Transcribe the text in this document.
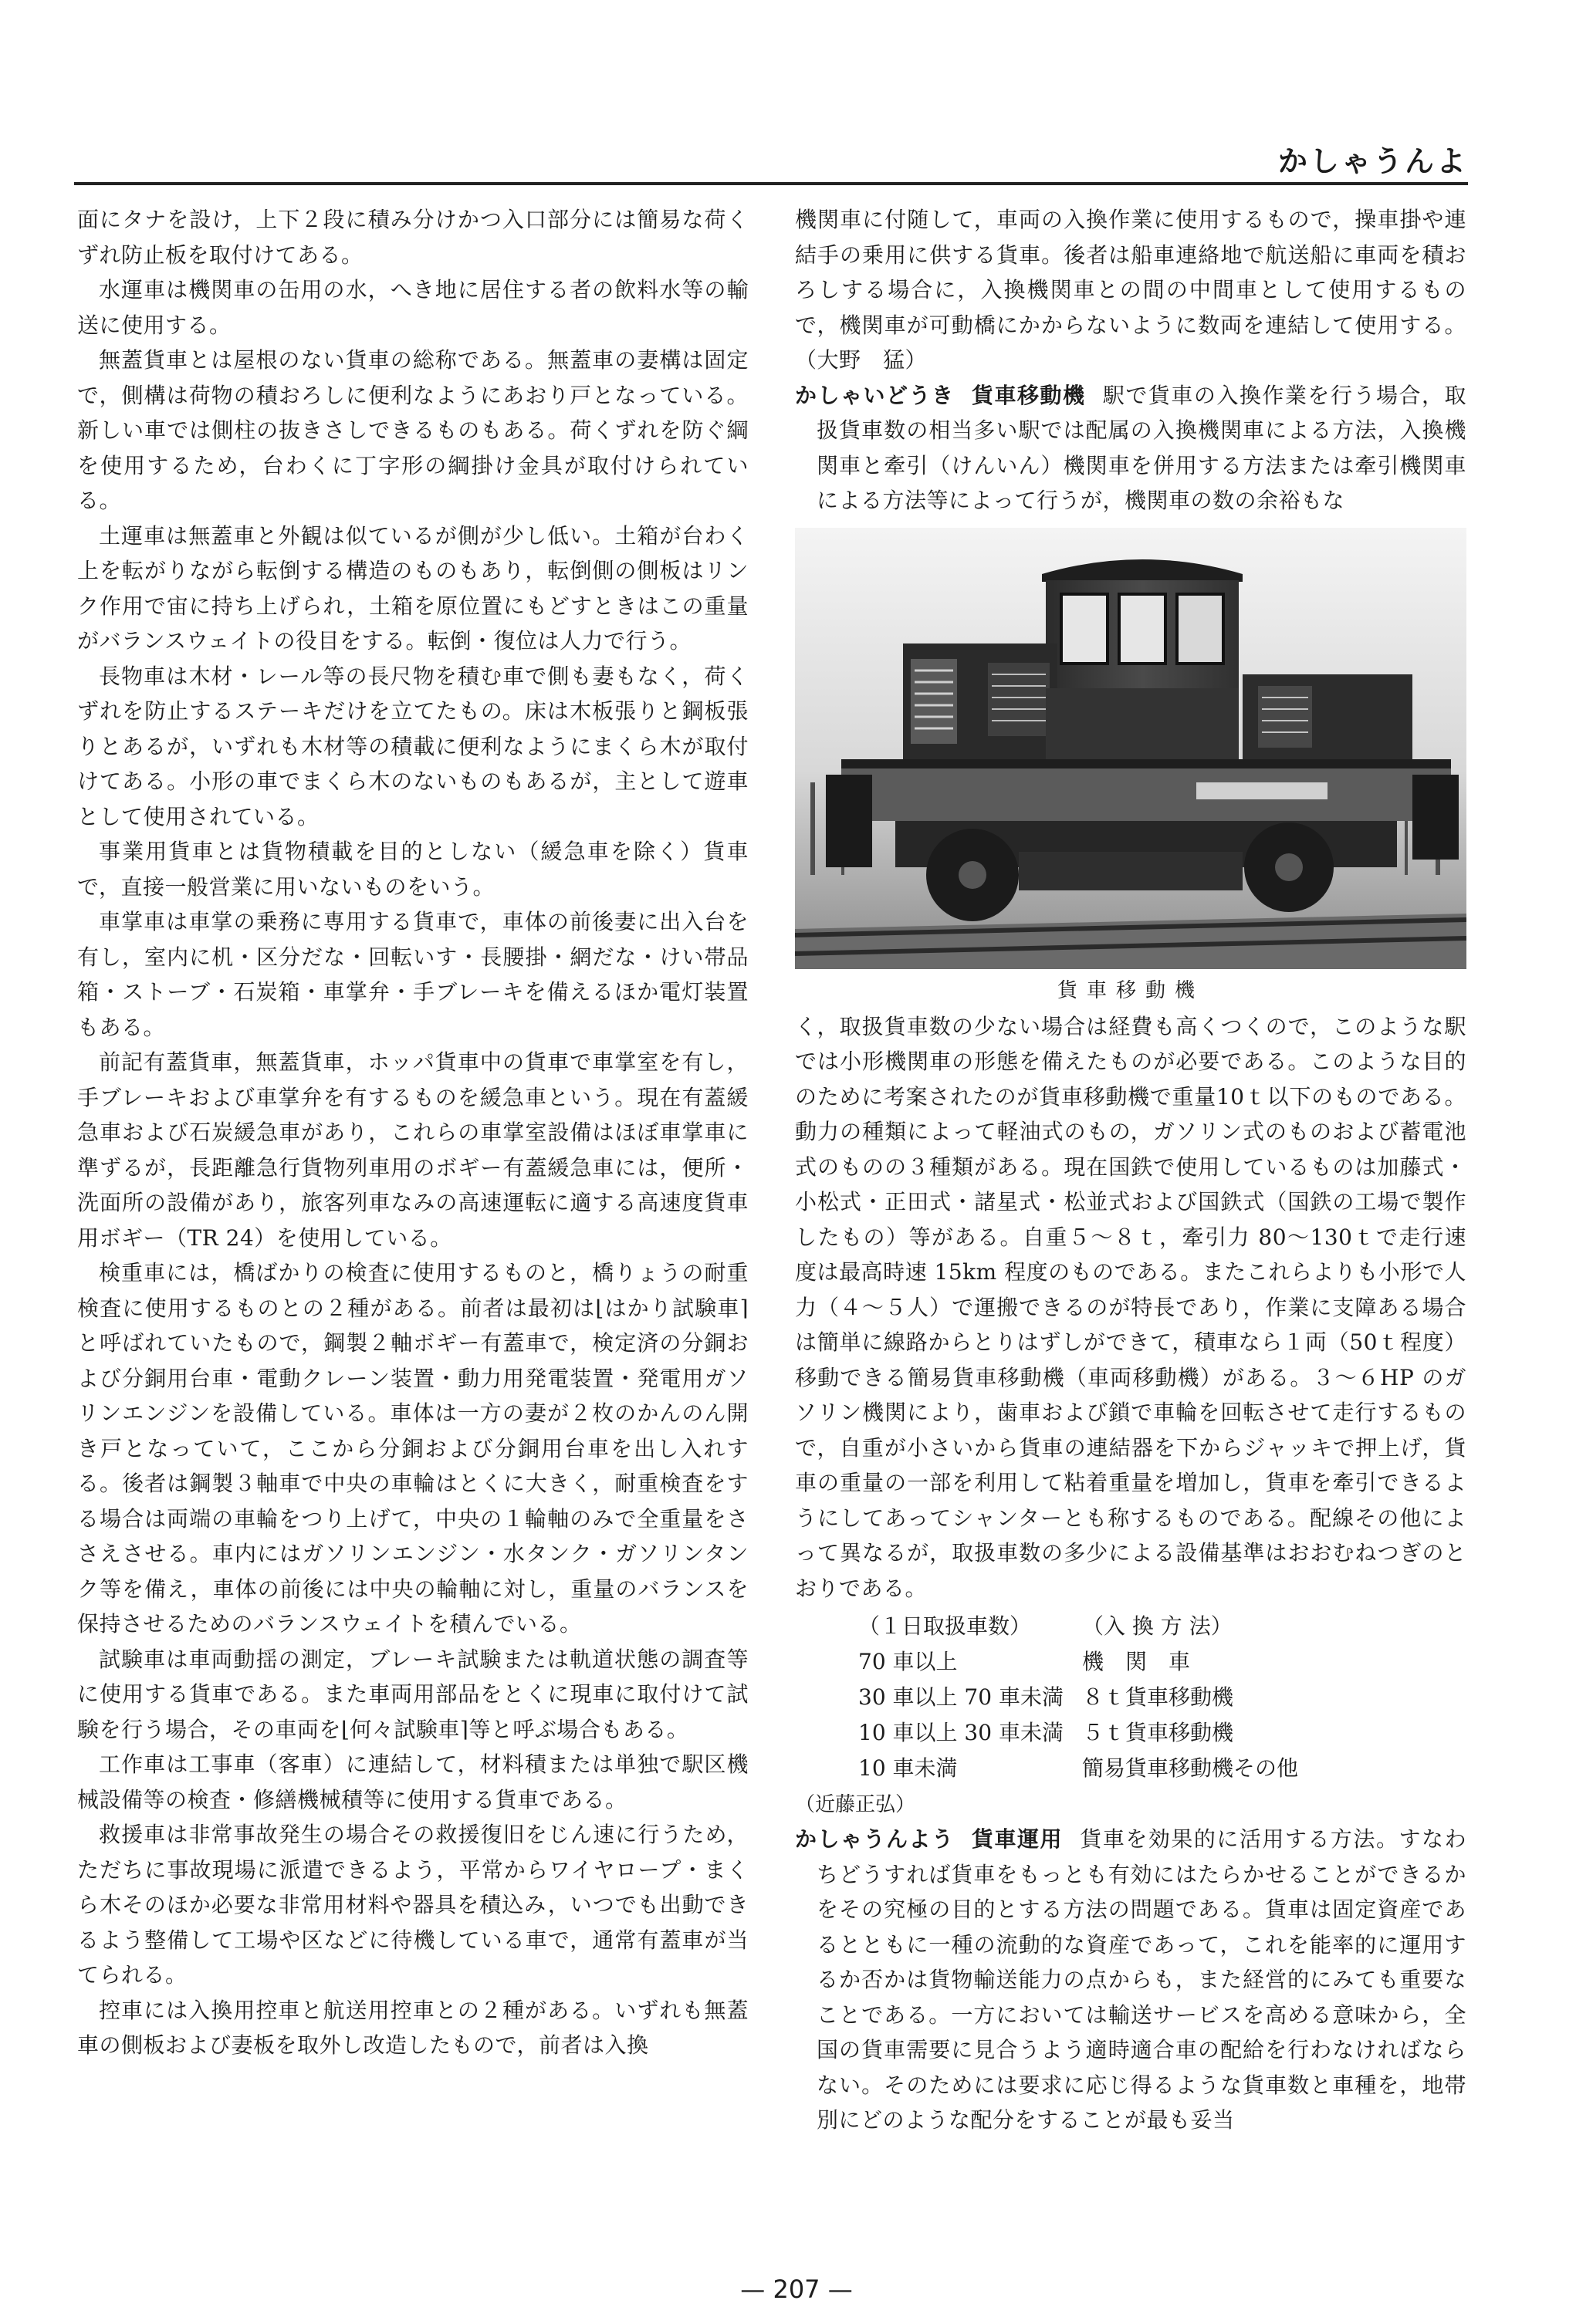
かしゃうんよ

面にタナを設け，上下２段に積み分けかつ入口部分には簡易な荷くずれ防止板を取付けてある。

水運車は機関車の缶用の水，へき地に居住する者の飲料水等の輸送に使用する。

無蓋貨車とは屋根のない貨車の総称である。無蓋車の妻構は固定で，側構は荷物の積おろしに便利なようにあおり戸となっている。新しい車では側柱の抜きさしできるものもある。荷くずれを防ぐ綱を使用するため，台わくに丁字形の綱掛け金具が取付けられている。

土運車は無蓋車と外観は似ているが側が少し低い。土箱が台わく上を転がりながら転倒する構造のものもあり，転倒側の側板はリンク作用で宙に持ち上げられ，土箱を原位置にもどすときはこの重量がバランスウェイトの役目をする。転倒・復位は人力で行う。

長物車は木材・レール等の長尺物を積む車で側も妻もなく，荷くずれを防止するステーキだけを立てたもの。床は木板張りと鋼板張りとあるが，いずれも木材等の積載に便利なようにまくら木が取付けてある。小形の車でまくら木のないものもあるが，主として遊車として使用されている。

事業用貨車とは貨物積載を目的としない（緩急車を除く）貨車で，直接一般営業に用いないものをいう。

車掌車は車掌の乗務に専用する貨車で，車体の前後妻に出入台を有し，室内に机・区分だな・回転いす・長腰掛・網だな・けい帯品箱・ストーブ・石炭箱・車掌弁・手ブレーキを備えるほか電灯装置もある。

前記有蓋貨車，無蓋貨車，ホッパ貨車中の貨車で車掌室を有し，手ブレーキおよび車掌弁を有するものを緩急車という。現在有蓋緩急車および石炭緩急車があり，これらの車掌室設備はほぼ車掌車に準ずるが，長距離急行貨物列車用のボギー有蓋緩急車には，便所・洗面所の設備があり，旅客列車なみの高速運転に適する高速度貨車用ボギー（TR 24）を使用している。

検重車には，橋ばかりの検査に使用するものと，橋りょうの耐重検査に使用するものとの２種がある。前者は最初は⌊はかり試験車⌉と呼ばれていたもので，鋼製２軸ボギー有蓋車で，検定済の分銅および分銅用台車・電動クレーン装置・動力用発電装置・発電用ガソリンエンジンを設備している。車体は一方の妻が２枚のかんのん開き戸となっていて，ここから分銅および分銅用台車を出し入れする。後者は鋼製３軸車で中央の車輪はとくに大きく，耐重検査をする場合は両端の車輪をつり上げて，中央の１輪軸のみで全重量をささえさせる。車内にはガソリンエンジン・水タンク・ガソリンタンク等を備え，車体の前後には中央の輪軸に対し，重量のバランスを保持させるためのバランスウェイトを積んでいる。

試験車は車両動揺の測定，ブレーキ試験または軌道状態の調査等に使用する貨車である。また車両用部品をとくに現車に取付けて試験を行う場合，その車両を⌊何々試験車⌉等と呼ぶ場合もある。

工作車は工事車（客車）に連結して，材料積または単独で駅区機械設備等の検査・修繕機械積等に使用する貨車である。

救援車は非常事故発生の場合その救援復旧をじん速に行うため，ただちに事故現場に派遣できるよう，平常からワイヤロープ・まくら木そのほか必要な非常用材料や器具を積込み，いつでも出動できるよう整備して工場や区などに待機している車で，通常有蓋車が当てられる。

控車には入換用控車と航送用控車との２種がある。いずれも無蓋車の側板および妻板を取外し改造したもので，前者は入換

機関車に付随して，車両の入換作業に使用するもので，操車掛や連結手の乗用に供する貨車。後者は船車連絡地で航送船に車両を積おろしする場合に，入換機関車との間の中間車として使用するもので，機関車が可動橋にかからないように数両を連結して使用する。（大野　猛）

かしゃいどうき 貨車移動機 駅で貨車の入換作業を行う場合，取扱貨車数の相当多い駅では配属の入換機関車による方法，入換機関車と牽引（けんいん）機関車を併用する方法または牽引機関車による方法等によって行うが，機関車の数の余裕もな

貨車移動機

く，取扱貨車数の少ない場合は経費も高くつくので，このような駅では小形機関車の形態を備えたものが必要である。このような目的のために考案されたのが貨車移動機で重量10ｔ以下のものである。動力の種類によって軽油式のもの，ガソリン式のものおよび蓄電池式のものの３種類がある。現在国鉄で使用しているものは加藤式・小松式・正田式・諸星式・松並式および国鉄式（国鉄の工場で製作したもの）等がある。自重５〜８ｔ，牽引力 80〜130ｔで走行速度は最高時速 15km 程度のものである。またこれらよりも小形で人力（４〜５人）で運搬できるのが特長であり，作業に支障ある場合は簡単に線路からとりはずしができて，積車なら１両（50ｔ程度）移動できる簡易貨車移動機（車両移動機）がある。３〜６HP のガソリン機関により，歯車および鎖で車輪を回転させて走行するもので，自重が小さいから貨車の連結器を下からジャッキで押上げ，貨車の重量の一部を利用して粘着重量を増加し，貨車を牽引できるようにしてあってシャンターとも称するものである。配線その他によって異なるが，取扱車数の多少による設備基準はおおむねつぎのとおりである。

（１日取扱車数）	（入 換 方 法）
70 車以上	機　関　車
30 車以上 70 車未満 ８ｔ貨車移動機
10 車以上 30 車未満 ５ｔ貨車移動機
10 車未満	簡易貨車移動機その他

（近藤正弘）

かしゃうんよう 貨車運用 貨車を効果的に活用する方法。すなわちどうすれば貨車をもっとも有効にはたらかせることができるかをその究極の目的とする方法の問題である。貨車は固定資産であるとともに一種の流動的な資産であって，これを能率的に運用するか否かは貨物輸送能力の点からも，また経営的にみても重要なことである。一方においては輸送サービスを高める意味から，全国の貨車需要に見合うよう適時適合車の配給を行わなければならない。そのためには要求に応じ得るような貨車数と車種を，地帯別にどのような配分をすることが最も妥当

— 207 —
